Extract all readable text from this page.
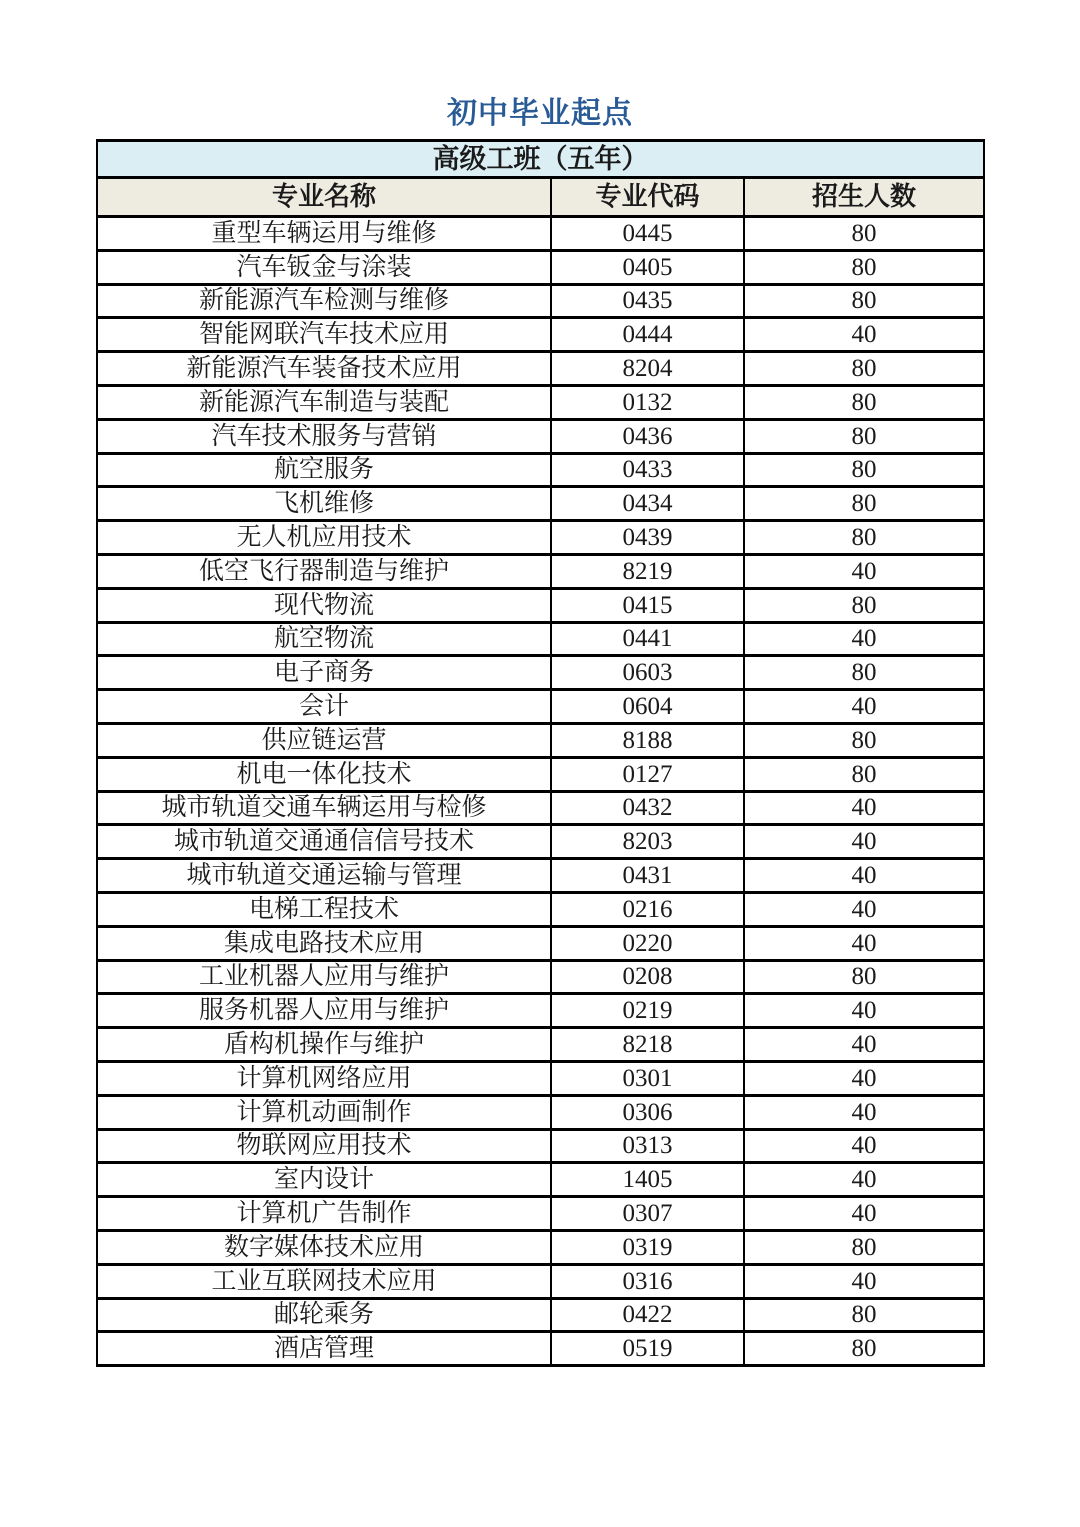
初中毕业起点
高级工班（五年）		
专业名称	专业代码	招生人数
重型车辆运用与维修	0445	80
汽车钣金与涂装	0405	80
新能源汽车检测与维修	0435	80
智能网联汽车技术应用	0444	40
新能源汽车装备技术应用	8204	80
新能源汽车制造与装配	0132	80
汽车技术服务与营销	0436	80
航空服务	0433	80
飞机维修	0434	80
无人机应用技术	0439	80
低空飞行器制造与维护	8219	40
现代物流	0415	80
航空物流	0441	40
电子商务	0603	80
会计	0604	40
供应链运营	8188	80
机电一体化技术	0127	80
城市轨道交通车辆运用与检修	0432	40
城市轨道交通通信信号技术	8203	40
城市轨道交通运输与管理	0431	40
电梯工程技术	0216	40
集成电路技术应用	0220	40
工业机器人应用与维护	0208	80
服务机器人应用与维护	0219	40
盾构机操作与维护	8218	40
计算机网络应用	0301	40
计算机动画制作	0306	40
物联网应用技术	0313	40
室内设计	1405	40
计算机广告制作	0307	40
数字媒体技术应用	0319	80
工业互联网技术应用	0316	40
邮轮乘务	0422	80
酒店管理	0519	80
